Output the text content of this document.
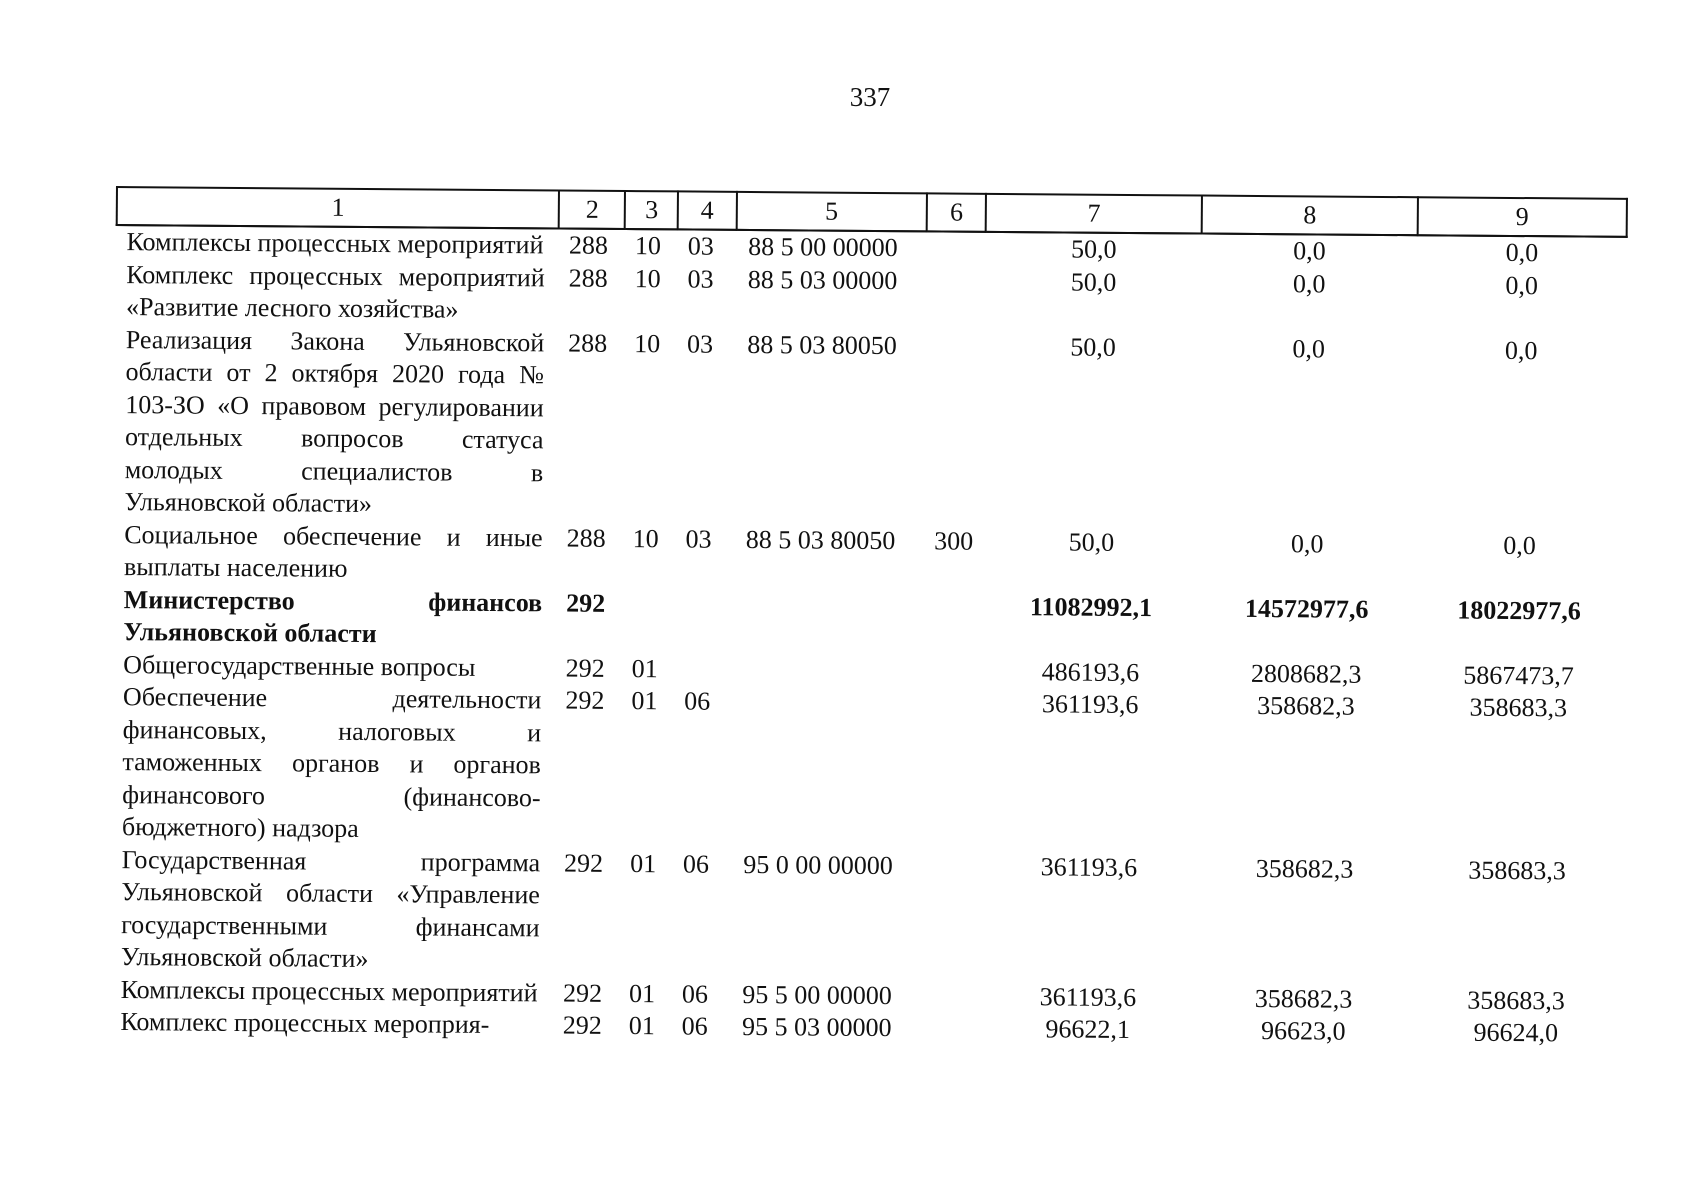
337
1	2	3	4	5	6	7	8	9
Комплексы процессных мероприятий	288	10	03	88 5 00 00000		50,0	0,0	0,0
Комплекс процессных мероприятий «Развитие лесного хозяйства»	288	10	03	88 5 03 00000		50,0	0,0	0,0
Реализация Закона Ульяновской области от 2 октября 2020 года № 103-ЗО «О правовом регулировании отдельных вопросов статуса молодых специалистов в Ульяновской области»	288	10	03	88 5 03 80050		50,0	0,0	0,0
Социальное обеспечение и иные выплаты населению	288	10	03	88 5 03 80050	300	50,0	0,0	0,0
Министерство финансов Ульяновской области	292					11082992,1	14572977,6	18022977,6
Общегосударственные вопросы	292	01				486193,6	2808682,3	5867473,7
Обеспечение деятельности финансовых, налоговых и таможенных органов и органов финансового (финансово-бюджетного) надзора	292	01	06			361193,6	358682,3	358683,3
Государственная программа Ульяновской области «Управление государственными финансами Ульяновской области»	292	01	06	95 0 00 00000		361193,6	358682,3	358683,3
Комплексы процессных мероприятий	292	01	06	95 5 00 00000		361193,6	358682,3	358683,3
Комплекс процессных мероприя-	292	01	06	95 5 03 00000		96622,1	96623,0	96624,0
